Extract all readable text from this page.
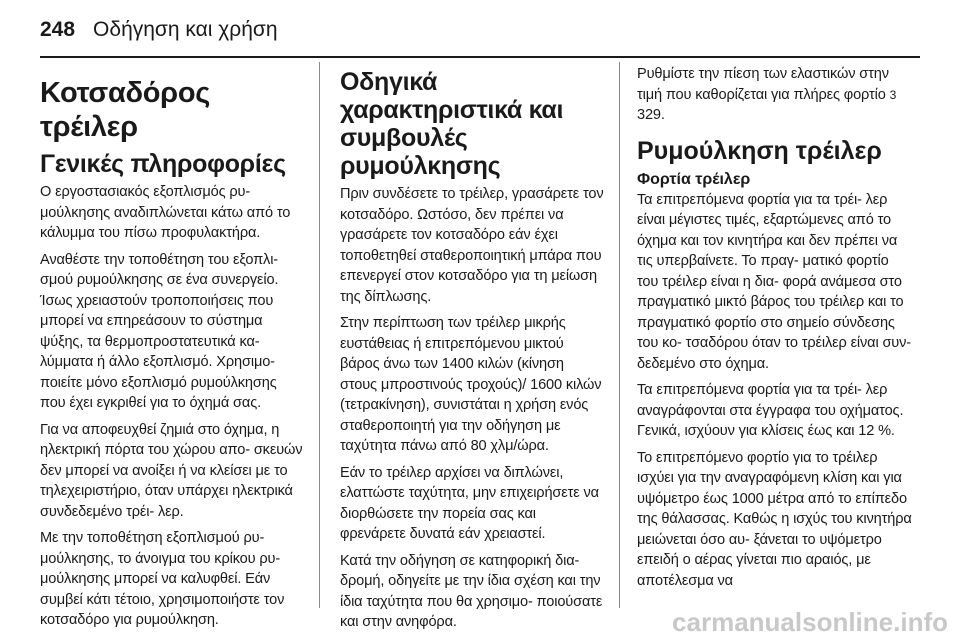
248 Οδήγηση και χρήση
Κοτσαδόρος τρέιλερ
Γενικές πληροφορίες

Ο εργοστασιακός εξοπλισμός ρυ- μούλκησης αναδιπλώνεται κάτω από το κάλυμμα του πίσω προφυλακτήρα.

Αναθέστε την τοποθέτηση του εξοπλι- σμού ρυμούλκησης σε ένα συνεργείο. Ίσως χρειαστούν τροποποιήσεις που μπορεί να επηρεάσουν το σύστημα ψύξης, τα θερμοπροστατευτικά κα- λύμματα ή άλλο εξοπλισμό. Χρησιμο- ποιείτε μόνο εξοπλισμό ρυμούλκησης που έχει εγκριθεί για το όχημά σας.

Για να αποφευχθεί ζημιά στο όχημα, η ηλεκτρική πόρτα του χώρου απο- σκευών δεν μπορεί να ανοίξει ή να κλείσει με το τηλεχειριστήριο, όταν υπάρχει ηλεκτρικά συνδεδεμένο τρέι- λερ.

Με την τοποθέτηση εξοπλισμού ρυ- μούλκησης, το άνοιγμα του κρίκου ρυ- μούλκησης μπορεί να καλυφθεί. Εάν συμβεί κάτι τέτοιο, χρησιμοποιήστε τον κοτσαδόρο για ρυμούλκηση.

Οδηγικά χαρακτηριστικά και συμβουλές ρυμούλκησης

Πριν συνδέσετε το τρέιλερ, γρασάρετε τον κοτσαδόρο. Ωστόσο, δεν πρέπει να γρασάρετε τον κοτσαδόρο εάν έχει τοποθετηθεί σταθεροποιητική μπάρα που επενεργεί στον κοτσαδόρο για τη μείωση της δίπλωσης.

Στην περίπτωση των τρέιλερ μικρής ευστάθειας ή επιτρεπόμενου μικτού βάρος άνω των 1400 κιλών (κίνηση στους μπροστινούς τροχούς)/ 1600 κιλών (τετρακίνηση), συνιστάται η χρήση ενός σταθεροποιητή για την οδήγηση με ταχύτητα πάνω από 80 χλμ/ώρα.

Εάν το τρέιλερ αρχίσει να διπλώνει, ελαττώστε ταχύτητα, μην επιχειρήσετε να διορθώσετε την πορεία σας και φρενάρετε δυνατά εάν χρειαστεί.

Κατά την οδήγηση σε κατηφορική δια- δρομή, οδηγείτε με την ίδια σχέση και την ίδια ταχύτητα που θα χρησιμο- ποιούσατε και στην ανηφόρα.

Ρυθμίστε την πίεση των ελαστικών στην τιμή που καθορίζεται για πλήρες φορτίο 3 329.

Ρυμούλκηση τρέιλερ
Φορτία τρέιλερ

Τα επιτρεπόμενα φορτία για τα τρέι- λερ είναι μέγιστες τιμές, εξαρτώμενες από το όχημα και τον κινητήρα και δεν πρέπει να τις υπερβαίνετε. Το πραγ- ματικό φορτίο του τρέιλερ είναι η δια- φορά ανάμεσα στο πραγματικό μικτό βάρος του τρέιλερ και το πραγματικό φορτίο στο σημείο σύνδεσης του κο- τσαδόρου όταν το τρέιλερ είναι συν- δεδεμένο στο όχημα.

Τα επιτρεπόμενα φορτία για τα τρέι- λερ αναγράφονται στα έγγραφα του οχήματος. Γενικά, ισχύουν για κλίσεις έως και 12 %.

Το επιτρεπόμενο φορτίο για το τρέιλερ ισχύει για την αναγραφόμενη κλίση και για υψόμετρο έως 1000 μέτρα από το επίπεδο της θάλασσας. Καθώς η ισχύς του κινητήρα μειώνεται όσο αυ- ξάνεται το υψόμετρο επειδή ο αέρας γίνεται πιο αραιός, με αποτέλεσμα να

carmanualsonline.info
